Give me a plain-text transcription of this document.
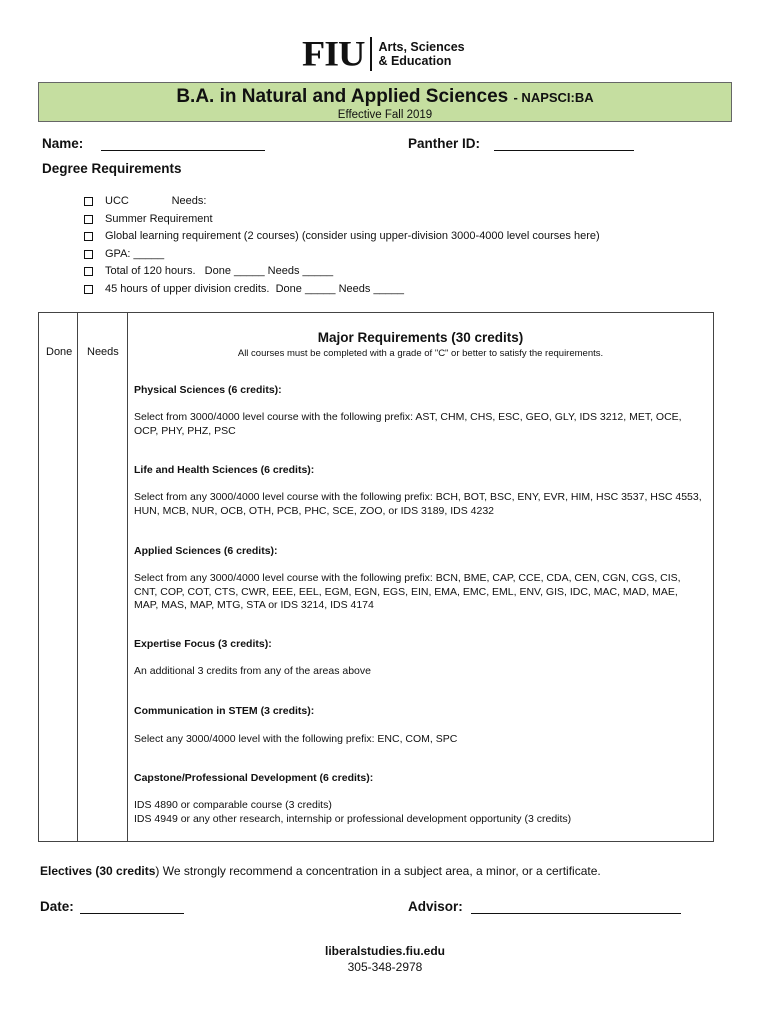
FIU Arts, Sciences
& Education
B.A. in Natural and Applied Sciences - NAPSCI:BA
Effective Fall 2019
Name:	Panther ID:
Degree Requirements
UCC              Needs:
Summer Requirement
Global learning requirement (2 courses) (consider using upper-division 3000-4000 level courses here)
GPA: _____
Total of 120 hours.   Done _____ Needs _____
45 hours of upper division credits.  Done _____ Needs _____
Done Needs
Major Requirements (30 credits)
All courses must be completed with a grade of "C" or better to satisfy the requirements.
Physical Sciences (6 credits):
Select from 3000/4000 level course with the following prefix: AST, CHM, CHS, ESC, GEO, GLY, IDS 3212, MET, OCE, OCP, PHY, PHZ, PSC
Life and Health Sciences (6 credits):
Select from any 3000/4000 level course with the following prefix: BCH, BOT, BSC, ENY, EVR, HIM, HSC 3537, HSC 4553, HUN, MCB, NUR, OCB, OTH, PCB, PHC, SCE, ZOO, or IDS 3189, IDS 4232
Applied Sciences (6 credits):
Select from any 3000/4000 level course with the following prefix: BCN, BME, CAP, CCE, CDA, CEN, CGN, CGS, CIS, CNT, COP, COT, CTS, CWR, EEE, EEL, EGM, EGN, EGS, EIN, EMA, EMC, EML, ENV, GIS, IDC, MAC, MAD, MAE, MAP, MAS, MAP, MTG, STA or IDS 3214, IDS 4174
Expertise Focus (3 credits):
An additional 3 credits from any of the areas above
Communication in STEM (3 credits):
Select any 3000/4000 level with the following prefix: ENC, COM, SPC
Capstone/Professional Development (6 credits):
IDS 4890 or comparable course (3 credits)
IDS 4949 or any other research, internship or professional development opportunity (3 credits)
Electives (30 credits) We strongly recommend a concentration in a subject area, a minor, or a certificate.
Date:	Advisor:
liberalstudies.fiu.edu
305-348-2978
